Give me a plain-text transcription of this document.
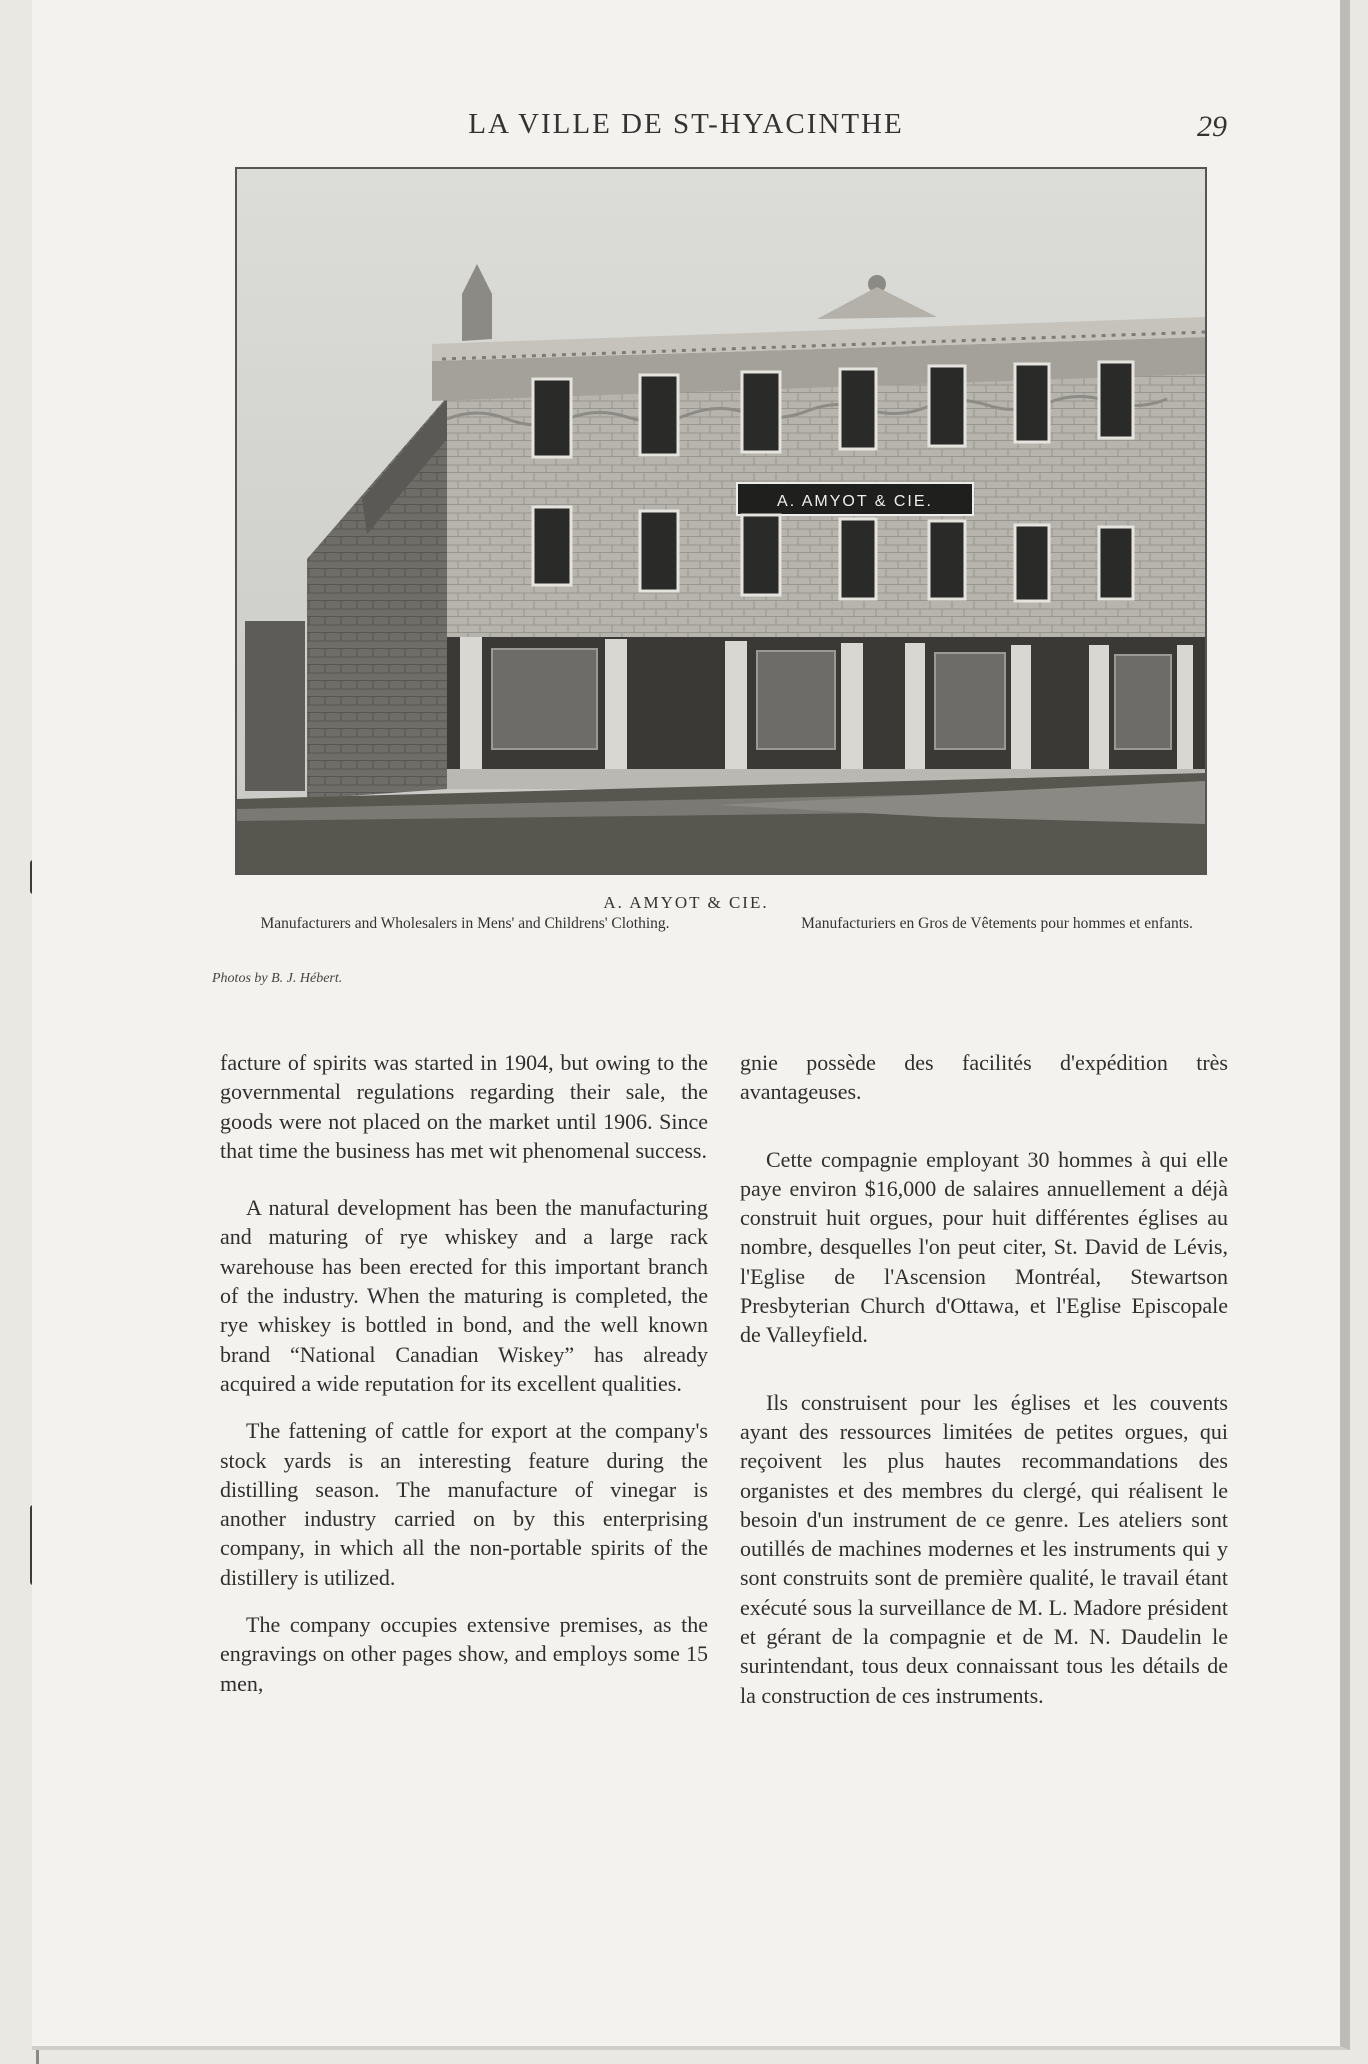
LA VILLE DE ST-HYACINTHE	29
A. AMYOT & CIE.
A. AMYOT & CIE.
Manufacturers and Wholesalers in Mens' and Childrens' Clothing.	Manufacturiers en Gros de Vêtements pour hommes et enfants.
Photos by B. J. Hébert.

facture of spirits was started in 1904, but owing to the governmental regulations regarding their sale, the goods were not placed on the market until 1906. Since that time the business has met wit phenomenal success.

A natural development has been the manufacturing and maturing of rye whiskey and a large rack warehouse has been erected for this important branch of the industry. When the maturing is completed, the rye whiskey is bottled in bond, and the well known brand “National Canadian Wiskey” has already acquired a wide reputation for its excellent qualities.

The fattening of cattle for export at the company's stock yards is an interesting feature during the distilling season. The manufacture of vinegar is another industry carried on by this enterprising company, in which all the non-portable spirits of the distillery is utilized.

The company occupies extensive premises, as the engravings on other pages show, and employs some 15 men,

gnie possède des facilités d'expédition très avantageuses.

Cette compagnie employant 30 hommes à qui elle paye environ $16,000 de salaires annuellement a déjà construit huit orgues, pour huit différentes églises au nombre, desquelles l'on peut citer, St. David de Lévis, l'Eglise de l'Ascension Montréal, Stewartson Presbyterian Church d'Ottawa, et l'Eglise Episcopale de Valleyfield.

Ils construisent pour les églises et les couvents ayant des ressources limitées de petites orgues, qui reçoivent les plus hautes recommandations des organistes et des membres du clergé, qui réalisent le besoin d'un instrument de ce genre. Les ateliers sont outillés de machines modernes et les instruments qui y sont construits sont de première qualité, le travail étant exécuté sous la surveillance de M. L. Madore président et gérant de la compagnie et de M. N. Daudelin le surintendant, tous deux connaissant tous les détails de la construction de ces instruments.
